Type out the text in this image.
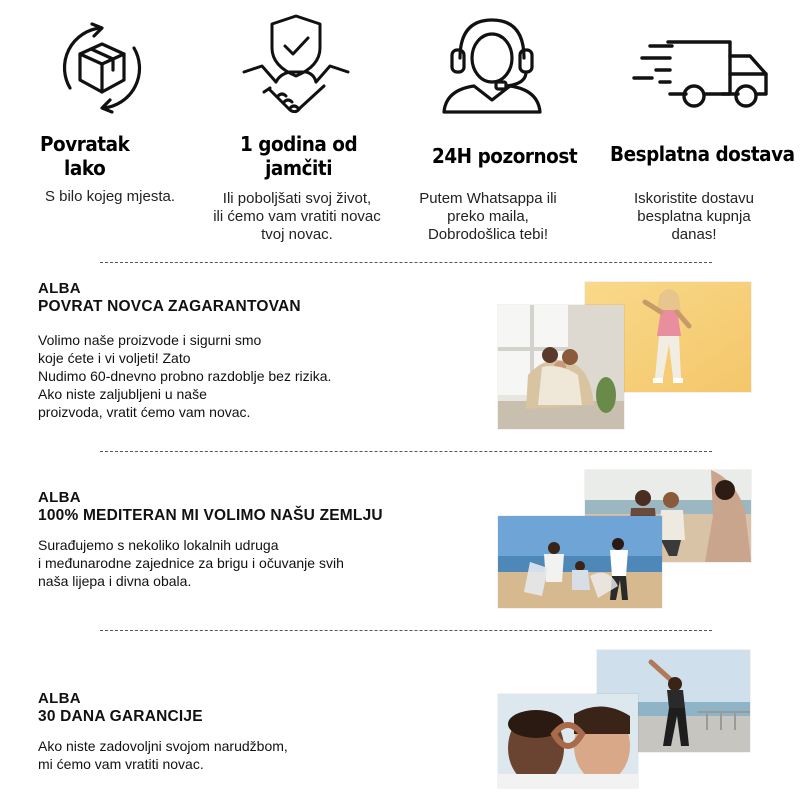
Povratak
lako
S bilo kojeg mjesta.
1 godina od
jamčiti
Ili poboljšati svoj život,
ili ćemo vam vratiti novac
tvoj novac.
24H pozornost
Putem Whatsappa ili
preko maila,
Dobrodošlica tebi!
Besplatna dostava
Iskoristite dostavu
besplatna kupnja
danas!
ALBA
POVRAT NOVCA ZAGARANTOVAN
Volimo naše proizvode i sigurni smo
koje ćete i vi voljeti! Zato
Nudimo 60-dnevno probno razdoblje bez rizika.
Ako niste zaljubljeni u naše
proizvoda, vratit ćemo vam novac.
ALBA
100% MEDITERAN MI VOLIMO NAŠU ZEMLJU
Surađujemo s nekoliko lokalnih udruga
i međunarodne zajednice za brigu i očuvanje svih
naša lijepa i divna obala.
ALBA
30 DANA GARANCIJE
Ako niste zadovoljni svojom narudžbom,
mi ćemo vam vratiti novac.
